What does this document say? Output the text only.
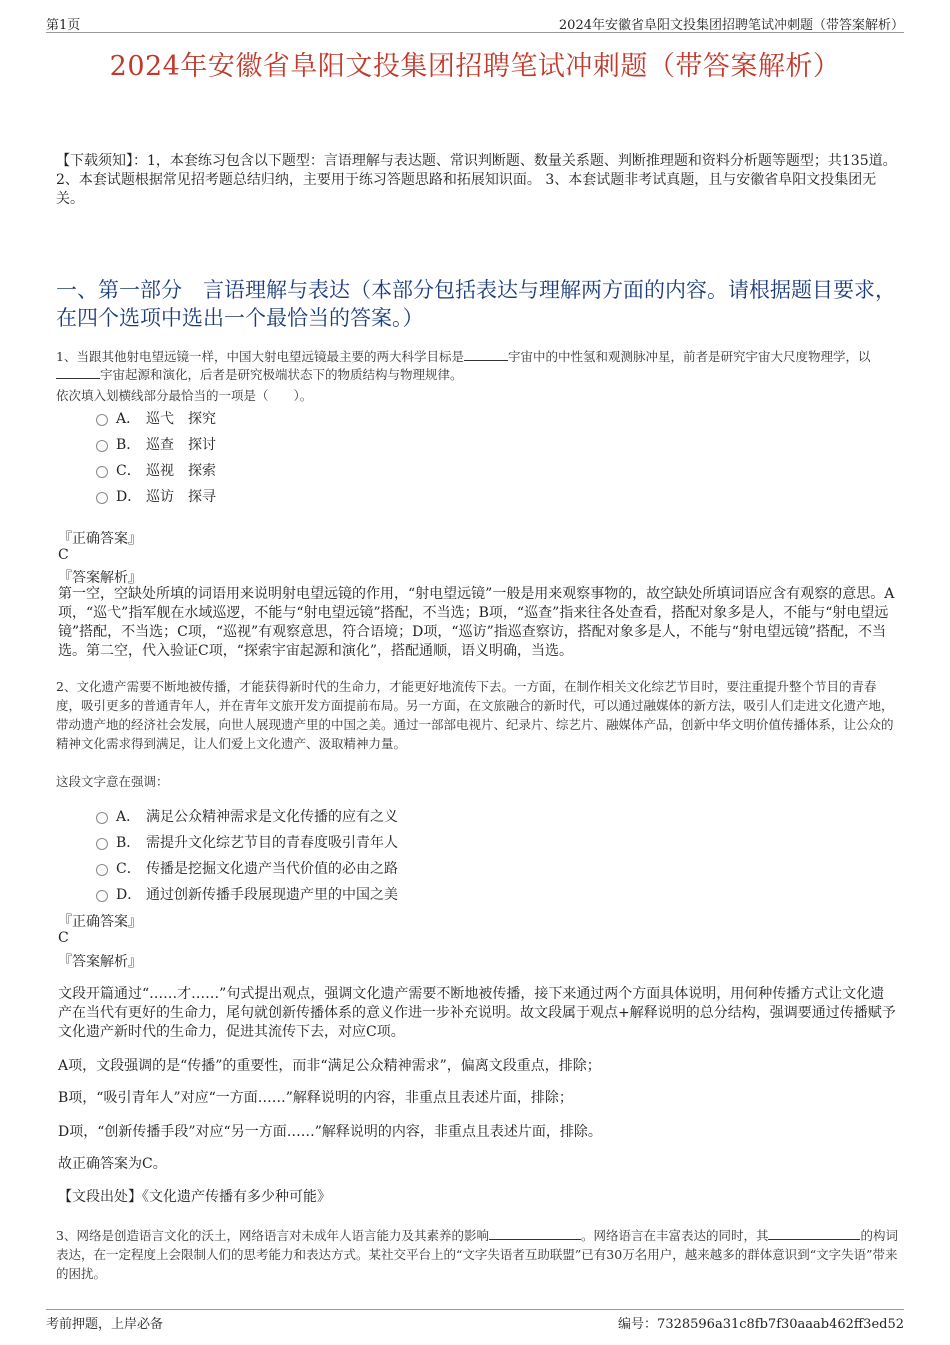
第1页	2024年安徽省阜阳文投集团招聘笔试冲刺题（带答案解析）
2024年安徽省阜阳文投集团招聘笔试冲刺题（带答案解析）
【下载须知】：1，本套练习包含以下题型：言语理解与表达题、常识判断题、数量关系题、判断推理题和资料分析题等题型；共135道。 2、本套试题根据常见招考题总结归纳，主要用于练习答题思路和拓展知识面。 3、本套试题非考试真题，且与安徽省阜阳文投集团无关。
一、第一部分　言语理解与表达（本部分包括表达与理解两方面的内容。请根据题目要求，在四个选项中选出一个最恰当的答案。）
1、当跟其他射电望远镜一样，中国大射电望远镜最主要的两大科学目标是	宇宙中的中性氢和观测脉冲星，前者是研究宇宙大尺度物理学，以宇宙起源和演化，后者是研究极端状态下的物质结构与物理规律。
依次填入划横线部分最恰当的一项是（　　）。
A． 巡弋　探究
B． 巡查　探讨
C． 巡视　探索
D． 巡访　探寻
『正确答案』
C
『答案解析』
第一空，空缺处所填的词语用来说明射电望远镜的作用，“射电望远镜”一般是用来观察事物的，故空缺处所填词语应含有观察的意思。A项，“巡弋”指军舰在水域巡逻，不能与“射电望远镜”搭配，不当选；B项，“巡查”指来往各处查看，搭配对象多是人，不能与“射电望远镜”搭配，不当选；C项，“巡视”有观察意思，符合语境；D项，“巡访”指巡查察访，搭配对象多是人，不能与“射电望远镜”搭配，不当选。第二空，代入验证C项，“探索宇宙起源和演化”，搭配通顺，语义明确，当选。
2、文化遗产需要不断地被传播，才能获得新时代的生命力，才能更好地流传下去。一方面，在制作相关文化综艺节目时，要注重提升整个节目的青春度，吸引更多的普通青年人，并在青年文旅开发方面提前布局。另一方面，在文旅融合的新时代，可以通过融媒体的新方法，吸引人们走进文化遗产地，带动遗产地的经济社会发展，向世人展现遗产里的中国之美。通过一部部电视片、纪录片、综艺片、融媒体产品，创新中华文明价值传播体系，让公众的精神文化需求得到满足，让人们爱上文化遗产、汲取精神力量。
这段文字意在强调：
A． 满足公众精神需求是文化传播的应有之义
B． 需提升文化综艺节目的青春度吸引青年人
C． 传播是挖掘文化遗产当代价值的必由之路
D． 通过创新传播手段展现遗产里的中国之美
『正确答案』
C
『答案解析』
文段开篇通过“……才……”句式提出观点，强调文化遗产需要不断地被传播，接下来通过两个方面具体说明，用何种传播方式让文化遗产在当代有更好的生命力，尾句就创新传播体系的意义作进一步补充说明。故文段属于观点+解释说明的总分结构，强调要通过传播赋予文化遗产新时代的生命力，促进其流传下去，对应C项。
A项，文段强调的是“传播”的重要性，而非“满足公众精神需求”，偏离文段重点，排除；
B项，“吸引青年人”对应“一方面……”解释说明的内容，非重点且表述片面，排除；
D项，“创新传播手段”对应“另一方面……”解释说明的内容，非重点且表述片面，排除。
故正确答案为C。
【文段出处】《文化遗产传播有多少种可能》
3、网络是创造语言文化的沃土，网络语言对未成年人语言能力及其素养的影响	。网络语言在丰富表达的同时，其	的构词表达，在一定程度上会限制人们的思考能力和表达方式。某社交平台上的“文字失语者互助联盟”已有30万名用户，越来越多的群体意识到“文字失语”带来的困扰。
考前押题，上岸必备	编号：7328596a31c8fb7f30aaab462ff3ed52
